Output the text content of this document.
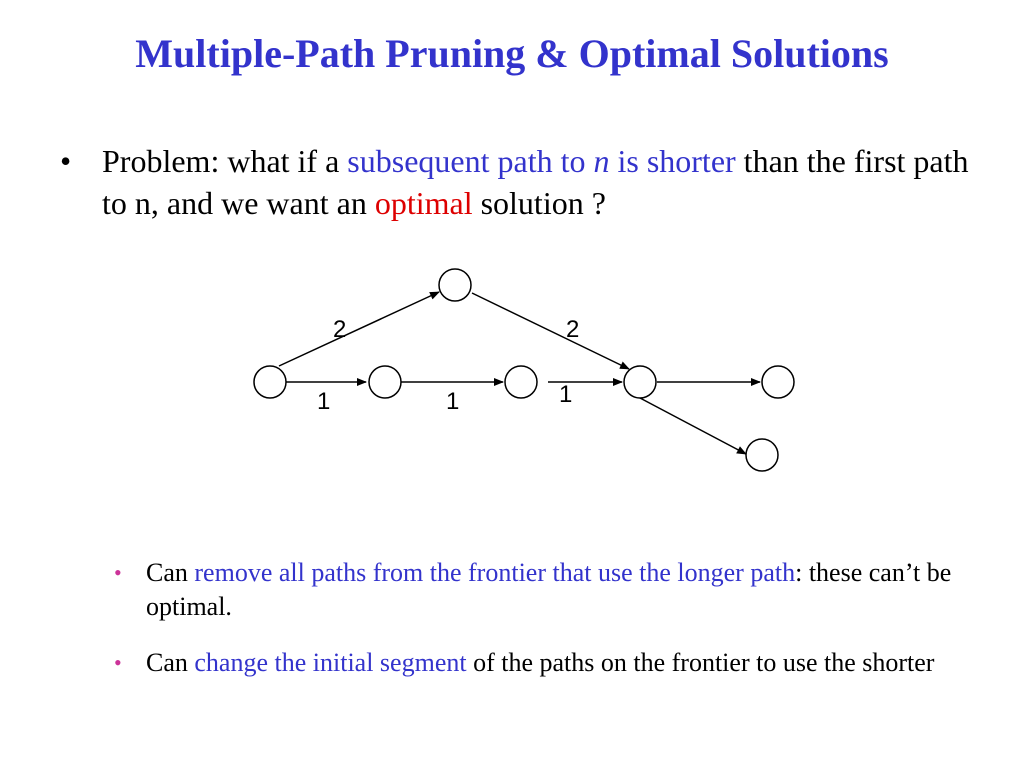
Multiple-Path Pruning & Optimal Solutions
• Problem: what if a subsequent path to n is shorter than the first path to n, and we want an optimal solution ?
2	2
1	1	1
• Can remove all paths from the frontier that use the longer path: these can’t be optimal.
• Can change the initial segment of the paths on the frontier to use the shorter
